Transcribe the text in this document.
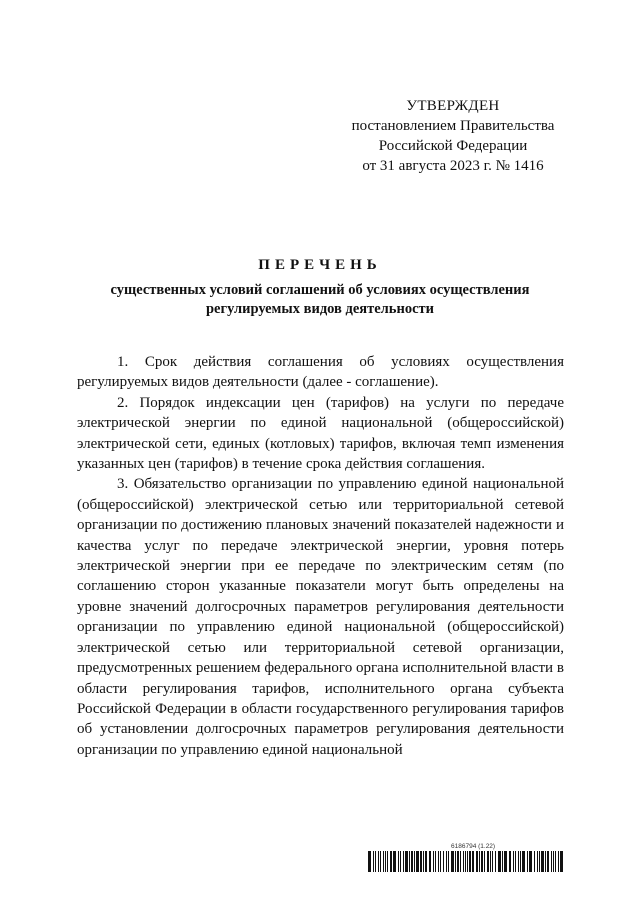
УТВЕРЖДЕН
постановлением Правительства
Российской Федерации
от 31 августа 2023 г. № 1416
ПЕРЕЧЕНЬ
существенных условий соглашений об условиях осуществления
регулируемых видов деятельности

1. Срок действия соглашения об условиях осуществления регулируемых видов деятельности (далее - соглашение).

2. Порядок индексации цен (тарифов) на услуги по передаче электрической энергии по единой национальной (общероссийской) электрической сети, единых (котловых) тарифов, включая темп изменения указанных цен (тарифов) в течение срока действия соглашения.

3. Обязательство организации по управлению единой национальной (общероссийской) электрической сетью или территориальной сетевой организации по достижению плановых значений показателей надежности и качества услуг по передаче электрической энергии, уровня потерь электрической энергии при ее передаче по электрическим сетям (по соглашению сторон указанные показатели могут быть определены на уровне значений долгосрочных параметров регулирования деятельности организации по управлению единой национальной (общероссийской) электрической сетью или территориальной сетевой организации, предусмотренных решением федерального органа исполнительной власти в области регулирования тарифов, исполнительного органа субъекта Российской Федерации в области государственного регулирования тарифов об установлении долгосрочных параметров регулирования деятельности организации по управлению единой национальной

6186794 (1.22)
